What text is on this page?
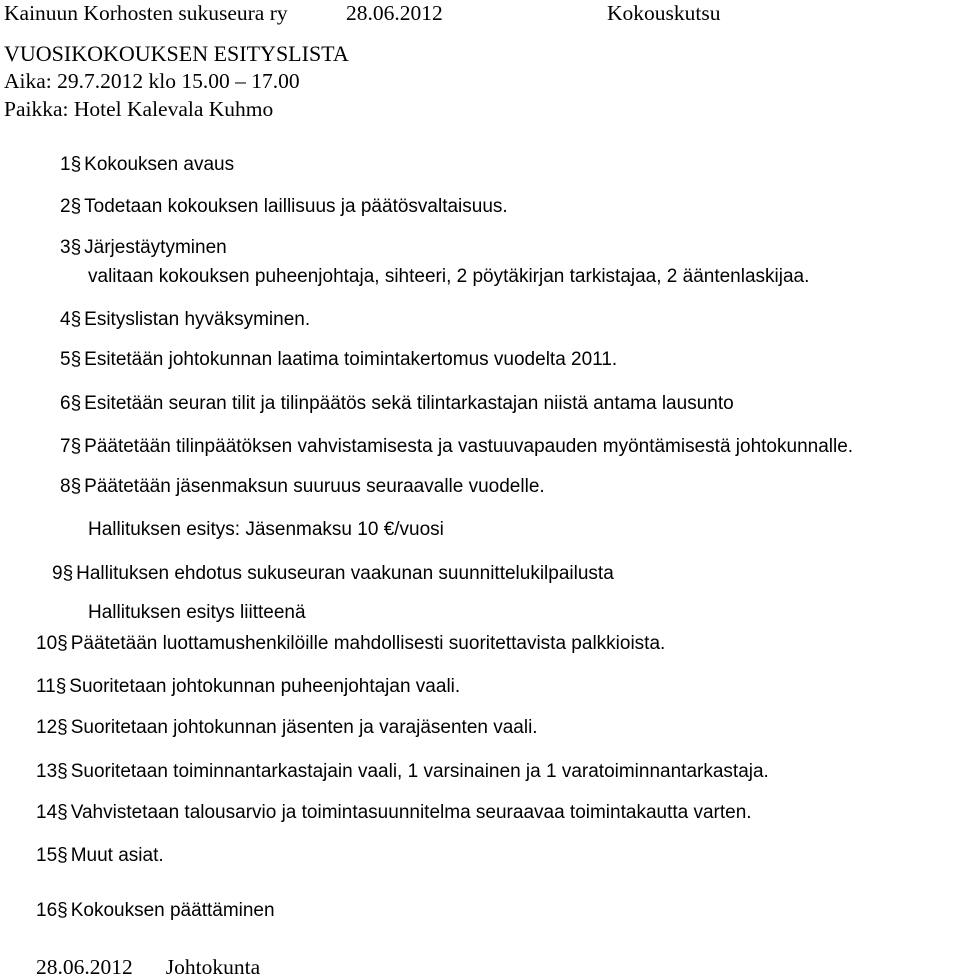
Kainuun Korhosten sukuseura ry	28.06.2012	Kokouskutsu
VUOSIKOKOUKSEN ESITYSLISTA
Aika: 29.7.2012 klo 15.00 – 17.00
Paikka: Hotel Kalevala Kuhmo
1§ Kokouksen avaus
2§ Todetaan kokouksen laillisuus ja päätösvaltaisuus.
3§ Järjestäytyminen
valitaan kokouksen puheenjohtaja, sihteeri, 2 pöytäkirjan tarkistajaa, 2 ääntenlaskijaa.
4§ Esityslistan hyväksyminen.
5§ Esitetään johtokunnan laatima toimintakertomus vuodelta 2011.
6§ Esitetään seuran tilit ja tilinpäätös sekä tilintarkastajan niistä antama lausunto
7§ Päätetään tilinpäätöksen vahvistamisesta ja vastuuvapauden myöntämisestä johtokunnalle.
8§ Päätetään jäsenmaksun suuruus seuraavalle vuodelle.
Hallituksen esitys: Jäsenmaksu 10 €/vuosi
9§ Hallituksen ehdotus sukuseuran vaakunan suunnittelukilpailusta
Hallituksen esitys liitteenä
10§ Päätetään luottamushenkilöille mahdollisesti suoritettavista palkkioista.
11§ Suoritetaan johtokunnan puheenjohtajan vaali.
12§ Suoritetaan johtokunnan jäsenten ja varajäsenten vaali.
13§ Suoritetaan toiminnantarkastajain vaali, 1 varsinainen ja 1 varatoiminnantarkastaja.
14§ Vahvistetaan talousarvio ja toimintasuunnitelma seuraavaa toimintakautta varten.
15§ Muut asiat.
16§ Kokouksen päättäminen
28.06.2012 Johtokunta
